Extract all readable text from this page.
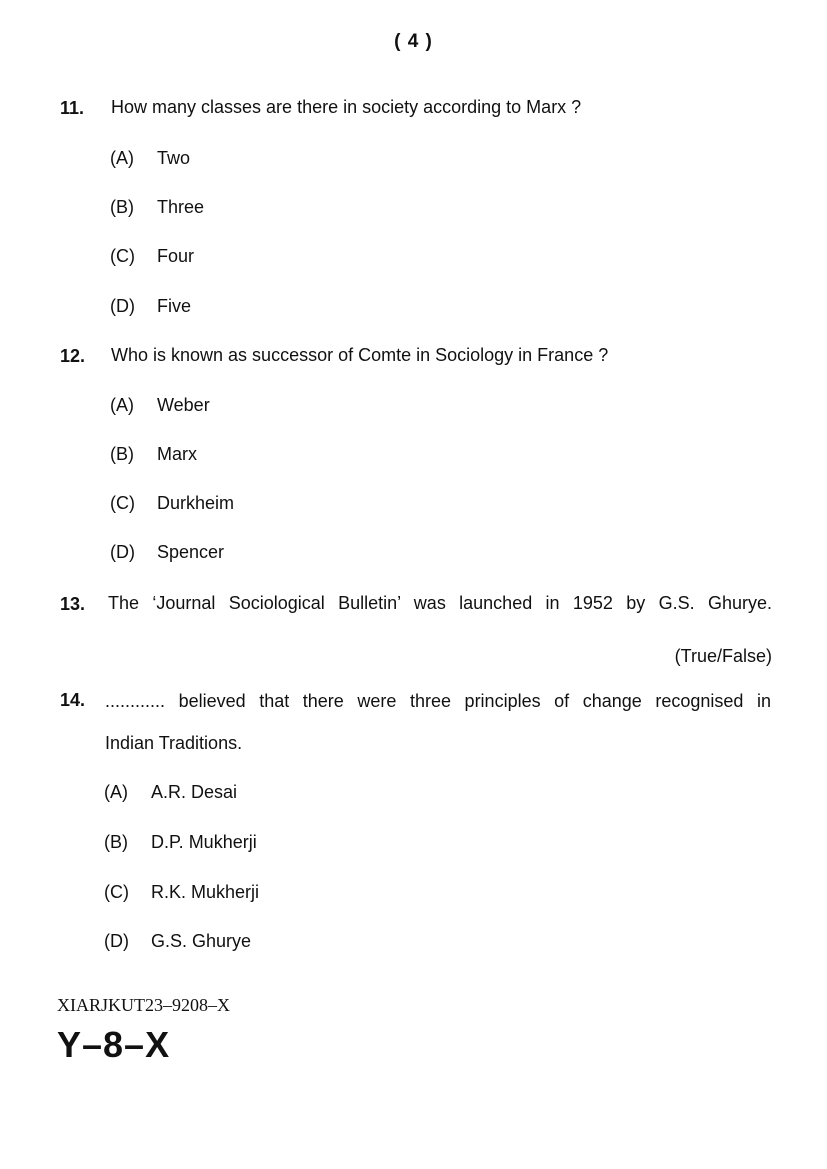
( 4 )
11. How many classes are there in society according to Marx ?
(A) Two
(B) Three
(C) Four
(D) Five
12. Who is known as successor of Comte in Sociology in France ?
(A) Weber
(B) Marx
(C) Durkheim
(D) Spencer
13. The ‘Journal Sociological Bulletin’ was launched in 1952 by G.S. Ghurye.
(True/False)
14. ............ believed that there were three principles of change recognised in
Indian Traditions.
(A) A.R. Desai
(B) D.P. Mukherji
(C) R.K. Mukherji
(D) G.S. Ghurye
XIARJKUT23–9208–X
Y–8–X
